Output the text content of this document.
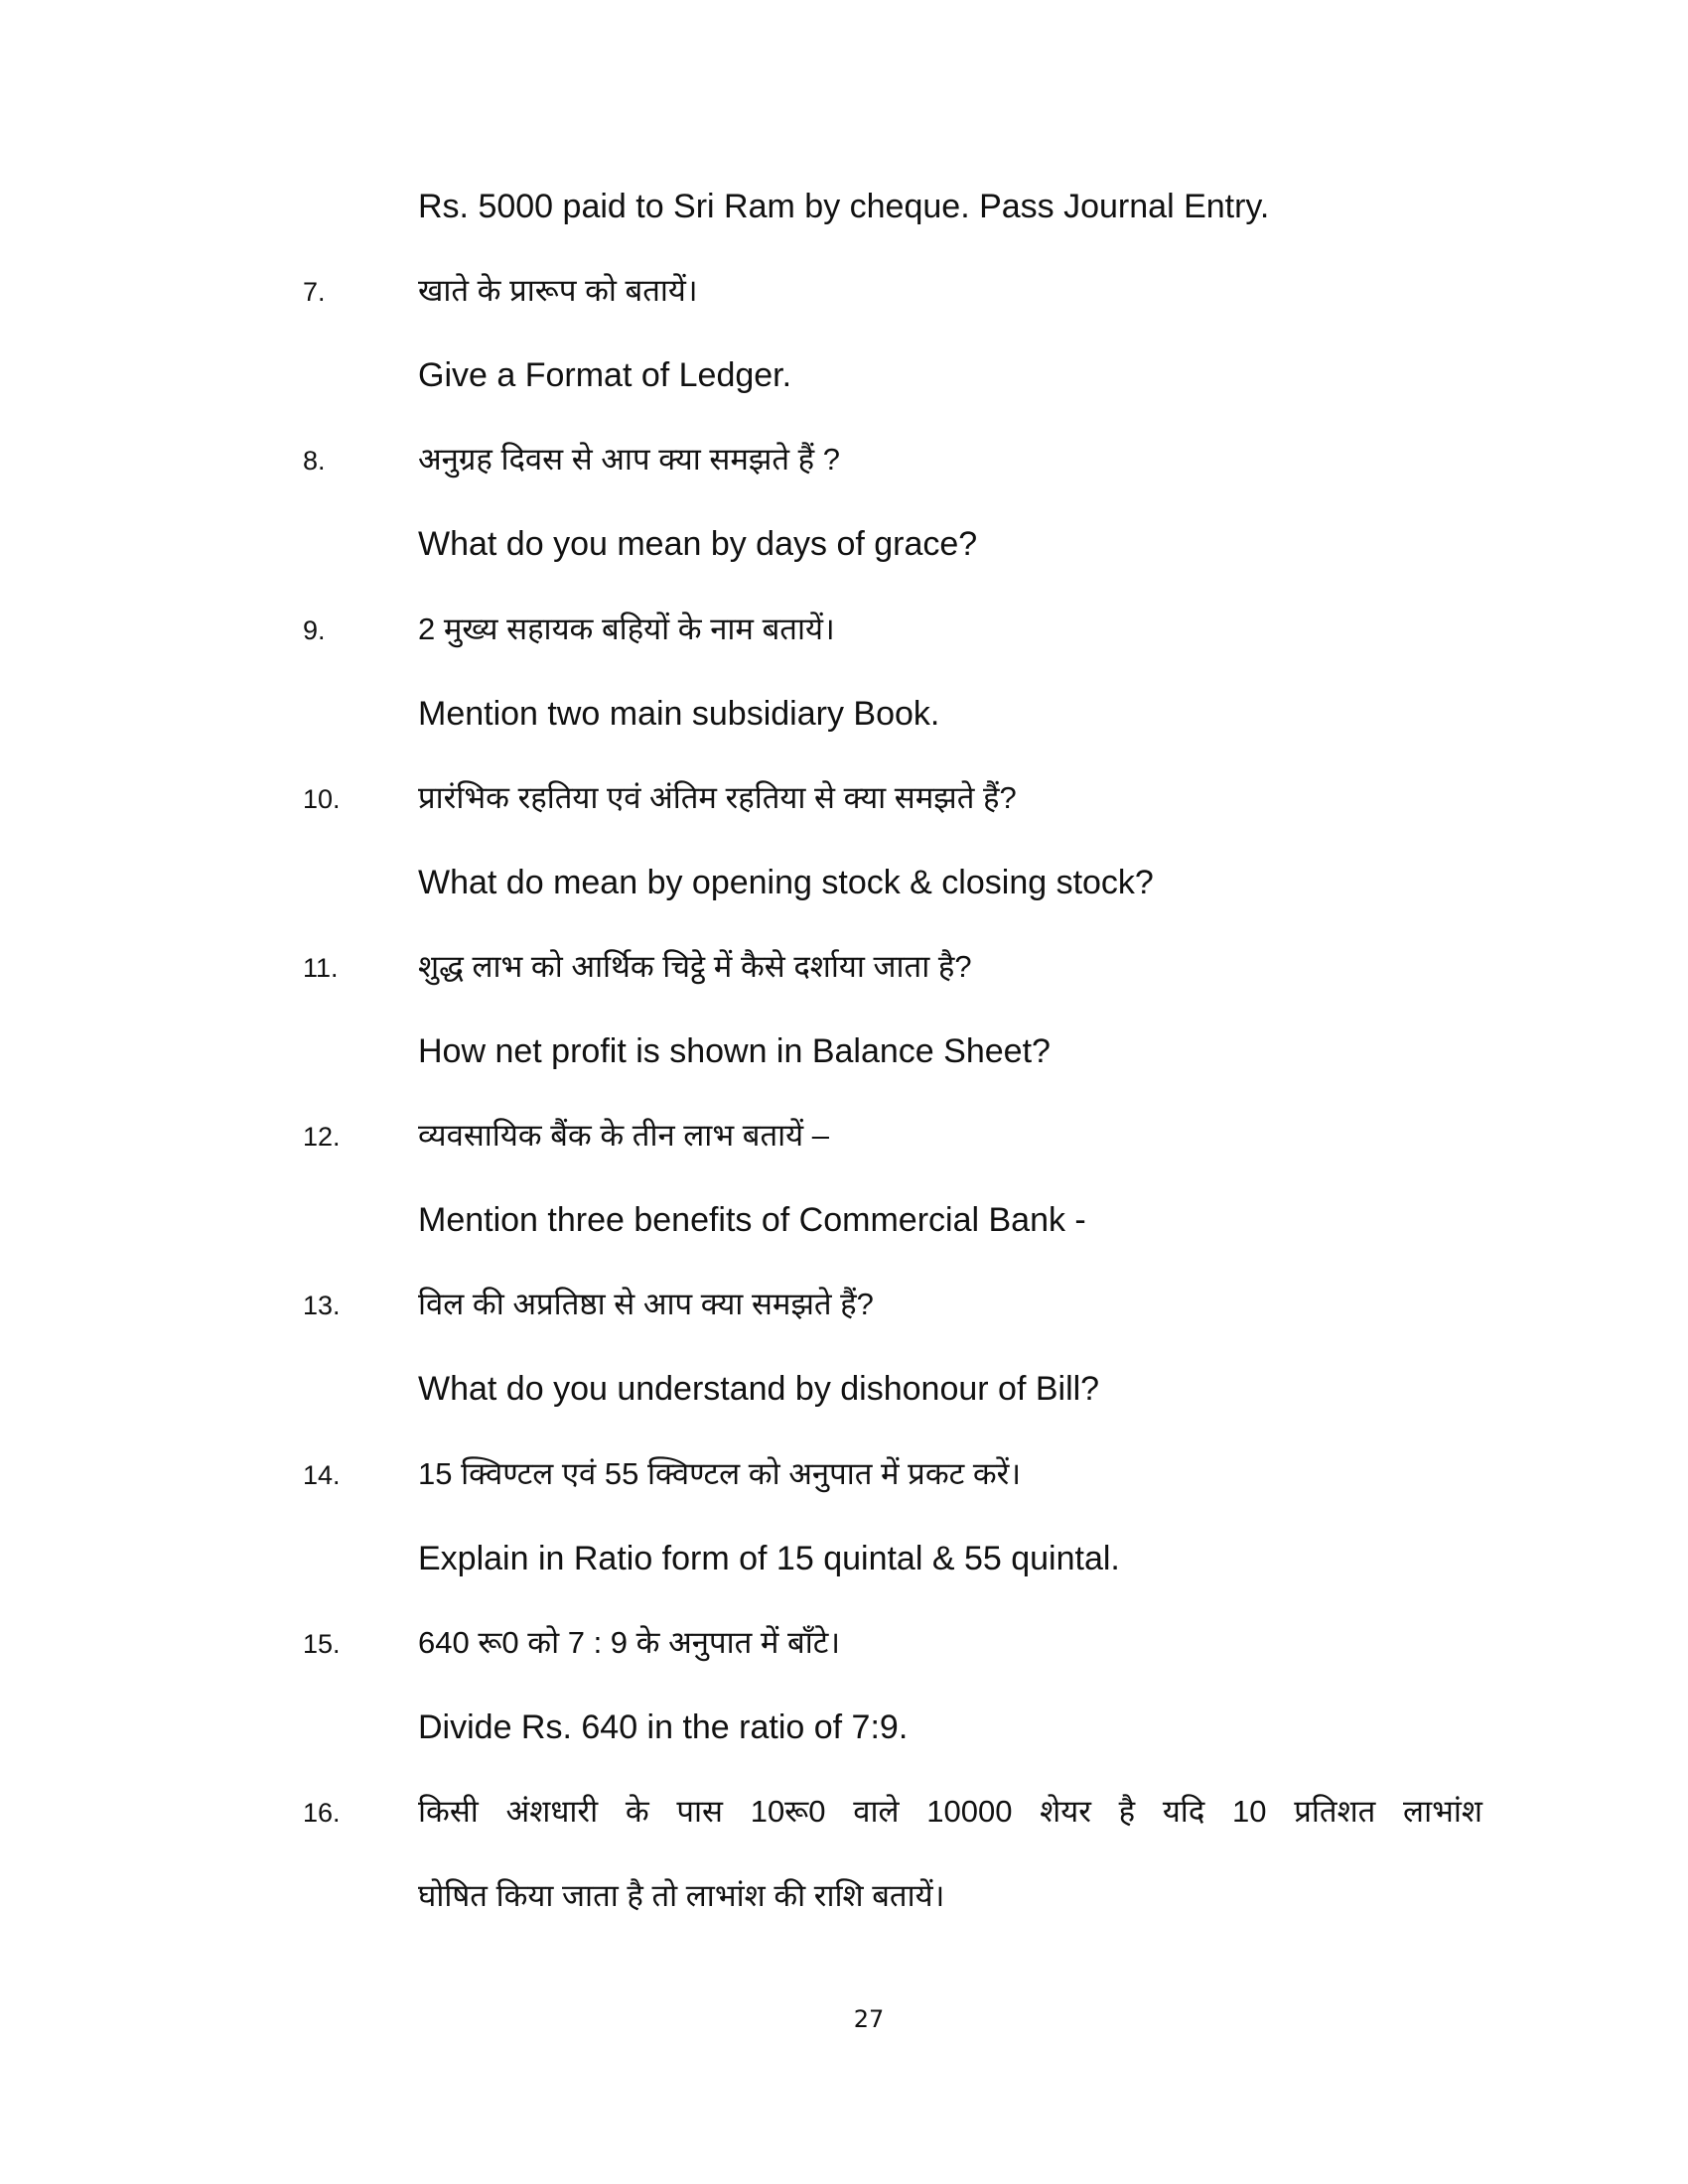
Rs. 5000 paid to Sri Ram by cheque. Pass Journal Entry.
7.	खाते के प्रारूप को बतायें।
Give a Format of Ledger.
8.	अनुग्रह दिवस से आप क्या समझते हैं ?
What do you mean by days of grace?
9.	2 मुख्य सहायक बहियों के नाम बतायें।
Mention two main subsidiary Book.
10.	प्रारंभिक रहतिया एवं अंतिम रहतिया से क्या समझते हैं?
What do mean by opening stock & closing stock?
11.	शुद्ध लाभ को आर्थिक चिट्ठे में कैसे दर्शाया जाता है?
How net profit is shown in Balance Sheet?
12.	व्यवसायिक बैंक के तीन लाभ बतायें –
Mention three benefits of Commercial Bank -
13.	विल की अप्रतिष्ठा से आप क्या समझते हैं?
What do you understand by dishonour of Bill?
14.	15 क्विण्टल एवं 55 क्विण्टल को अनुपात में प्रकट करें।
Explain in Ratio form of 15 quintal & 55 quintal.
15.	640 रू0 को 7 : 9 के अनुपात में बाँटे।
Divide Rs. 640 in the ratio of 7:9.
16.	किसी अंशधारी के पास 10रू0 वाले 10000 शेयर है यदि 10 प्रतिशत लाभांश
घोषित किया जाता है तो लाभांश की राशि बतायें।
27
